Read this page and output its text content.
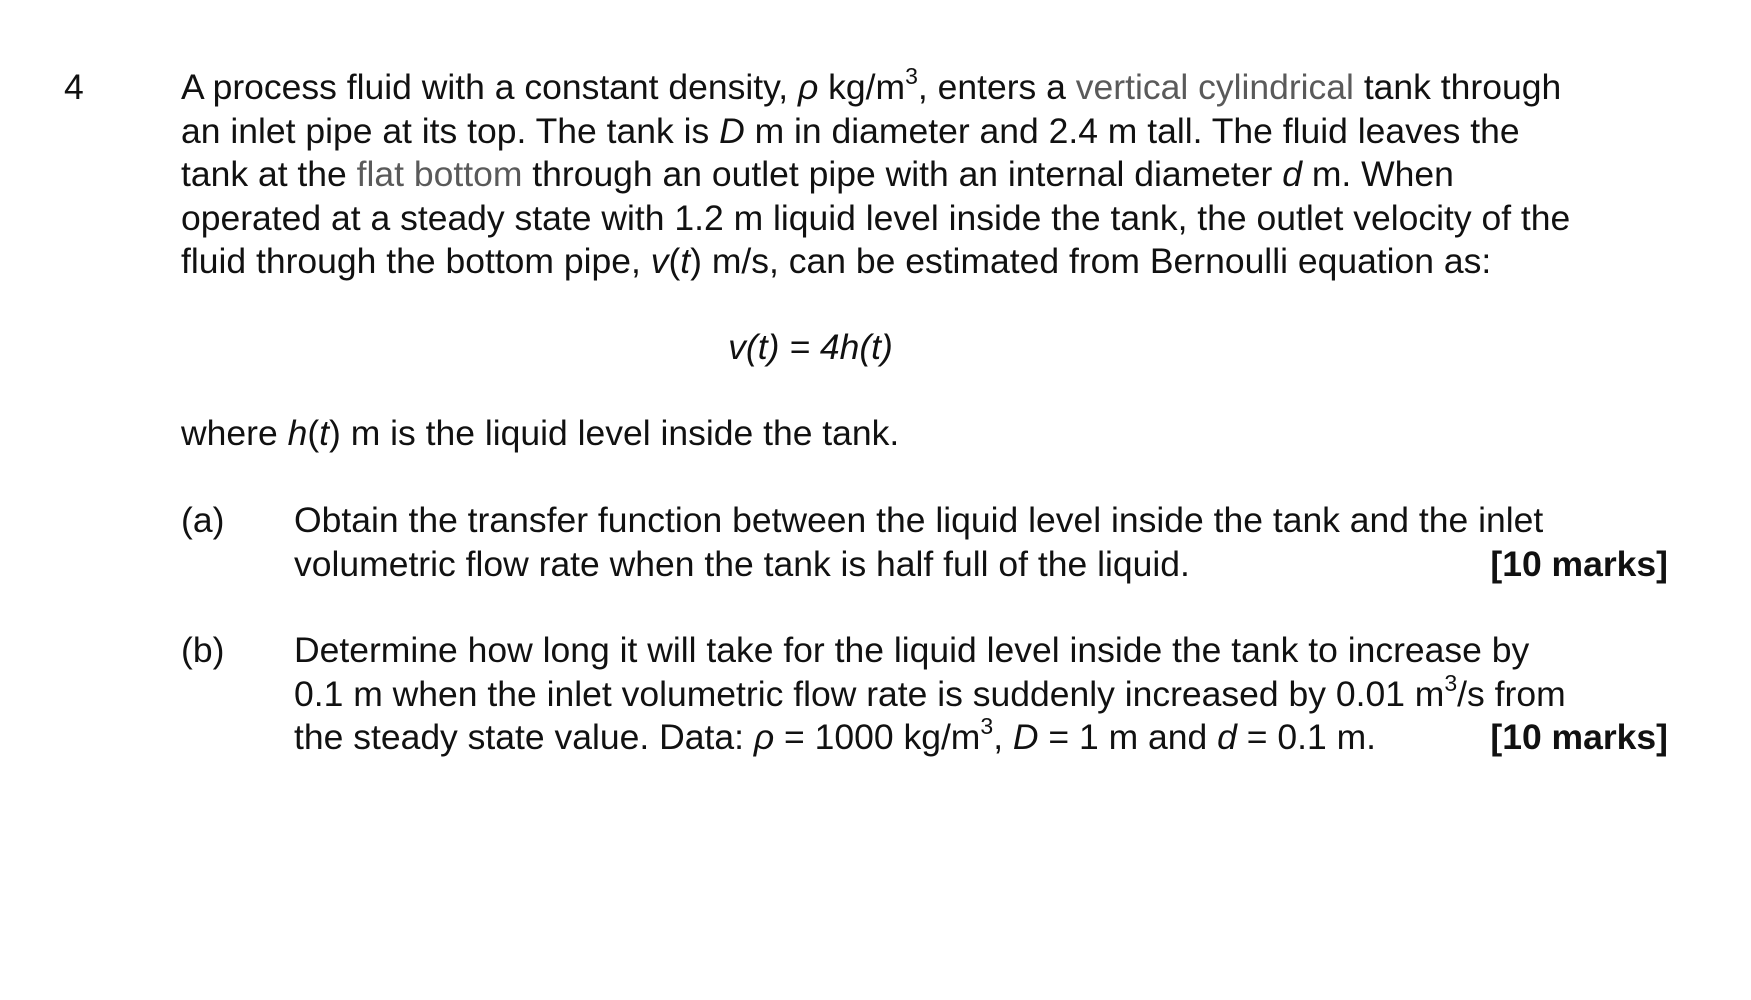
4	A process fluid with a constant density, ρ $kg/m^3$, enters a vertical cylindrical tank through
an inlet pipe at its top. The tank is D m in diameter and 2.4 m tall. The fluid leaves the
tank at the flat bottom through an outlet pipe with an internal diameter d m. When
operated at a steady state with 1.2 m liquid level inside the tank, the outlet velocity of the
fluid through the bottom pipe, v(t) m/s, can be estimated from Bernoulli equation as:
v(t) = 4h(t)
where h(t) m is the liquid level inside the tank.
(a) Obtain the transfer function between the liquid level inside the tank and the inlet
volumetric flow rate when the tank is half full of the liquid.	[10 marks]
(b) Determine how long it will take for the liquid level inside the tank to increase by
0.1 m when the inlet volumetric flow rate is suddenly increased by 0.01 $m^3/s$ from
the steady state value. Data: ρ = 1000 $kg/m^3$, D = 1 m and d = 0.1 m.	[10 marks]
